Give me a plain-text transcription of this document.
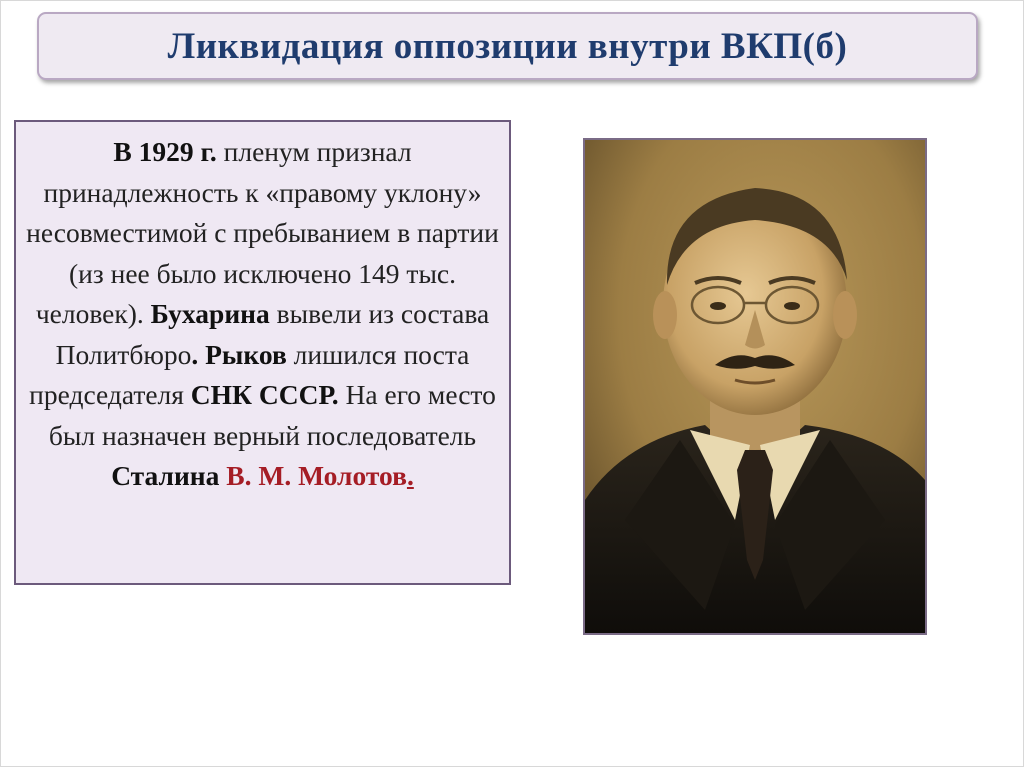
Ликвидация оппозиции внутри ВКП(б)
В 1929 г. пленум признал принадлежность к «правому уклону» несовместимой с пребыванием в партии (из нее было исключено 149 тыс. человек). Бухарина вывели из состава Политбюро. Рыков лишился поста председателя СНК СССР. На его место был назначен верный последователь Сталина В. М. Молотов.
